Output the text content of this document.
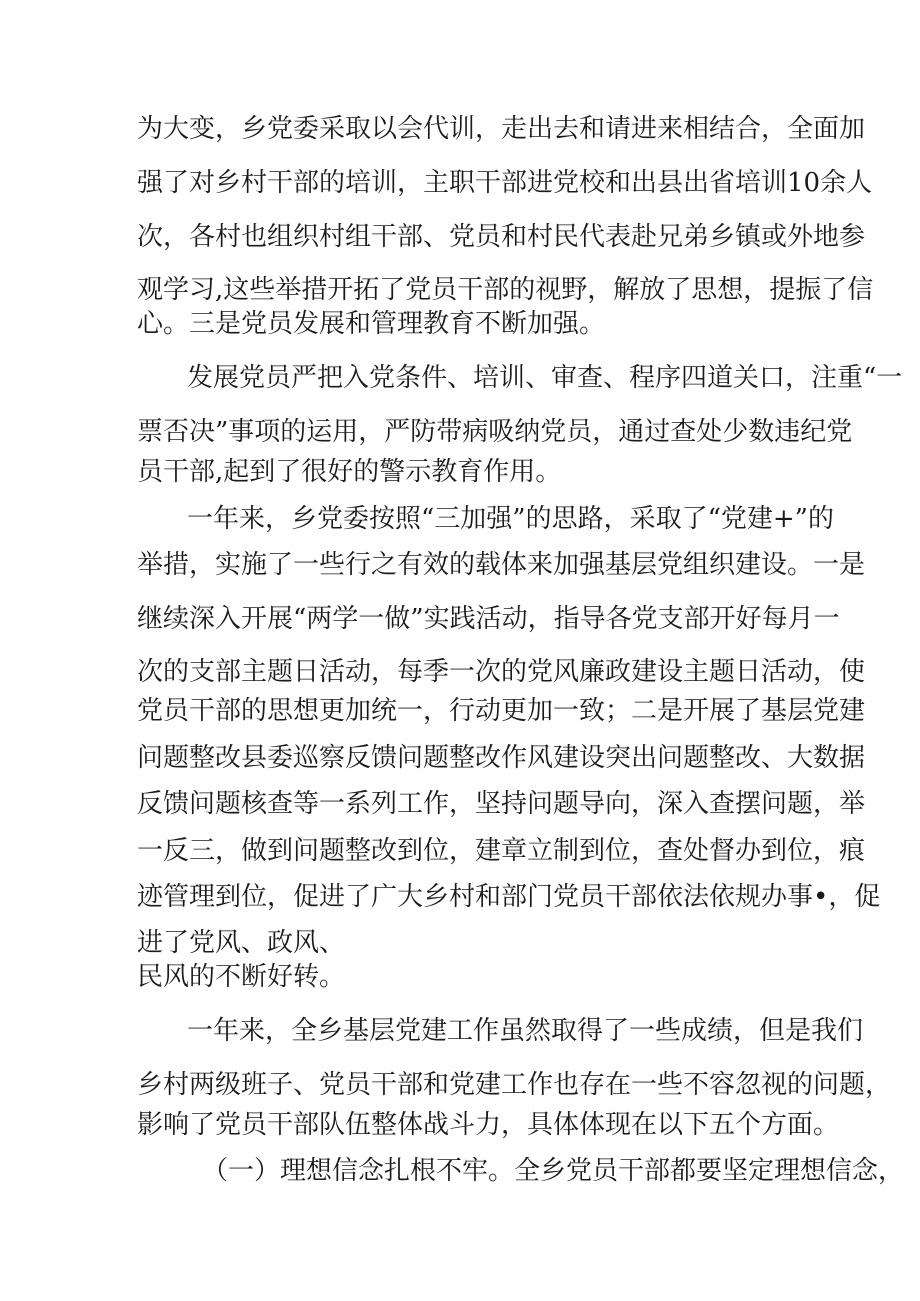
为大变，乡党委采取以会代训，走出去和请进来相结合，全面加
强了对乡村干部的培训，主职干部进党校和出县出省培训10余人
次，各村也组织村组干部、党员和村民代表赴兄弟乡镇或外地参
观学习,这些举措开拓了党员干部的视野，解放了思想，提振了信
心。三是党员发展和管理教育不断加强。
发展党员严把入党条件、培训、审查、程序四道关口，注重“一
票否决”事项的运用，严防带病吸纳党员，通过查处少数违纪党
员干部,起到了很好的警示教育作用。
一年来，乡党委按照“三加强”的思路，采取了“党建+”的
举措，实施了一些行之有效的载体来加强基层党组织建设。一是
继续深入开展“两学一做”实践活动，指导各党支部开好每月一
次的支部主题日活动，每季一次的党风廉政建设主题日活动，使
党员干部的思想更加统一，行动更加一致；二是开展了基层党建
问题整改县委巡察反馈问题整改作风建设突出问题整改、大数据
反馈问题核查等一系列工作，坚持问题导向，深入查摆问题，举
一反三，做到问题整改到位，建章立制到位，查处督办到位，痕
迹管理到位，促进了广大乡村和部门党员干部依法依规办事•，促
进了党风、政风、
民风的不断好转。
一年来，全乡基层党建工作虽然取得了一些成绩，但是我们
乡村两级班子、党员干部和党建工作也存在一些不容忽视的问题，
影响了党员干部队伍整体战斗力，具体体现在以下五个方面。
（一）理想信念扎根不牢。全乡党员干部都要坚定理想信念，
